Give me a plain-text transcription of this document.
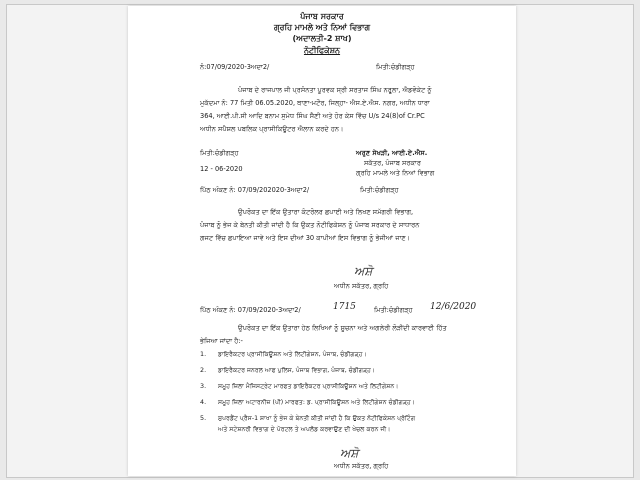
ਪੰਜਾਬ ਸਰਕਾਰ
ਗ੍ਰਹਿ ਮਾਮਲੇ ਅਤੇ ਨਿਆਂ ਵਿਭਾਗ
(ਅਦਾਲਤੀ-2 ਸ਼ਾਖ)
ਨੋਟੀਫਿਕੇਸ਼ਨ
ਨੰ:07/09/2020-3ਅਦਾ2/	ਮਿਤੀ:ਚੰਡੀਗੜ੍ਹ
ਪੰਜਾਬ ਦੇ ਰਾਜਪਾਲ ਜੀ ਪ੍ਰਸੰਨਤਾ ਪੂਰਵਕ ਸ੍ਰੀ ਸਰਤਾਜ ਸਿੰਘ ਨਰੂਲਾ, ਐਡਵੋਕੇਟ ਨੂੰ
ਮੁਕੱਦਮਾ ਨੰ: 77 ਮਿਤੀ 06.05.2020, ਥਾਣਾ-ਮਟੌਰ, ਜਿਲ੍ਹਾ- ਐਸ.ਏ.ਐਸ. ਨਗਰ, ਅਧੀਨ ਧਾਰਾ
364, ਆਈ.ਪੀ.ਸੀ ਆਦਿ ਬਨਾਮ ਸੁਮੇਧ ਸਿੰਘ ਸੈਣੀ ਅਤੇ ਹੋਰ ਕੇਸ ਵਿੱਚ U/s 24(8)of Cr.PC
ਅਧੀਨ ਸਪੈਸ਼ਲ ਪਬਲਿਕ ਪ੍ਰਾਸੀਕਿਊਟਰ ਐਲਾਨ ਕਰਦੇ ਹਨ।
ਮਿਤੀ:ਚੰਡੀਗੜ੍ਹ
12 - 06-2020
ਅਰੁਣ ਸੇਖੜੀ, ਆਈ.ਏ.ਐਸ.
ਸਕੱਤਰ, ਪੰਜਾਬ ਸਰਕਾਰ
ਗ੍ਰਹਿ ਮਾਮਲੇ ਅਤੇ ਨਿਆਂ ਵਿਭਾਗ
ਪਿੱਠ ਅੰਕਣ ਨੰ: 07/09/202020-3ਅਦਾ2/	ਮਿਤੀ:ਚੰਡੀਗੜ੍ਹ
ਉਪਰੋਕਤ ਦਾ ਇੱਕ ਉਤਾਰਾ ਕੰਟਰੋਲਰ ਛਪਾਈ ਅਤੇ ਲਿਖਣ ਸਮੱਗਰੀ ਵਿਭਾਗ,
ਪੰਜਾਬ ਨੂੰ ਭੇਜ ਕੇ ਬੇਨਤੀ ਕੀਤੀ ਜਾਂਦੀ ਹੈ ਕਿ ਉਕਤ ਨੋਟੀਫਿਕੇਸ਼ਨ ਨੂੰ ਪੰਜਾਬ ਸਰਕਾਰ ਦੇ ਸਾਧਾਰਨ
ਗਜਟ ਵਿੱਚ ਛਪਾਇਆ ਜਾਵੇ ਅਤੇ ਇਸ ਦੀਆਂ 30 ਕਾਪੀਆਂ ਇਸ ਵਿਭਾਗ ਨੂੰ ਭੇਜੀਆਂ ਜਾਣ।
ਅਸ਼ੋ
ਅਧੀਨ ਸਕੱਤਰ, ਗ੍ਰਹਿ
ਪਿੱਠ ਅੰਕਣ ਨੰ: 07/09/2020-3ਅਦਾ2/	1715	ਮਿਤੀ:ਚੰਡੀਗੜ੍ਹ 12/6/2020
ਉਪਰੋਕਤ ਦਾ ਇੱਕ ਉਤਾਰਾ ਹੇਠ ਲਿਖਿਆਂ ਨੂੰ ਸੂਚਨਾ ਅਤੇ ਅਗਲੇਰੀ ਲੋੜੀਂਦੀ ਕਾਰਵਾਈ ਹਿੱਤ
ਭੇਜਿਆ ਜਾਂਦਾ ਹੈ:-
1. ਡਾਇਰੈਕਟਰ ਪ੍ਰਾਸੀਕਿਊਸ਼ਨ ਅਤੇ ਲਿਟੀਗੇਸ਼ਨ, ਪੰਜਾਬ, ਚੰਡੀਗੜ੍ਹ।
2. ਡਾਇਰੈਕਟਰ ਜਨਰਲ ਆਫ ਪੁਲਿਸ, ਪੰਜਾਬ ਵਿਭਾਗ, ਪੰਜਾਬ, ਚੰਡੀਗੜ੍ਹ।
3. ਸਮੂਹ ਜ਼ਿਲਾ ਮੈਜਿਸਟ੍ਰੇਟ ਮਾਰਫਤ ਡਾਇਰੈਕਟਰ ਪ੍ਰਾਸੀਕਿਊਸ਼ਨ ਅਤੇ ਲਿਟੀਗੇਸ਼ਨ।
4. ਸਮੂਹ ਜ਼ਿਲਾ ਅਟਾਰਨੀਜ਼ (ਪੀ) ਮਾਰਫਤ: ਡ. ਪ੍ਰਾਸੀਕਿਊਸ਼ਨ ਅਤੇ ਲਿਟੀਗੇਸ਼ਨ ਚੰਡੀਗੜ੍ਹ।
5. ਸੁਪਰਡੈਂਟ ਪ੍ਰੈਸ-1 ਸ਼ਾਖਾ ਨੂੰ ਭੇਜ ਕੇ ਬੇਨਤੀ ਕੀਤੀ ਜਾਂਦੀ ਹੈ ਕਿ ਉਕਤ ਨੋਟੀਫਿਕੇਸ਼ਨ ਪ੍ਰੋਟਿੰਗ
ਅਤੇ ਸਟੇਸ਼ਨਰੀ ਵਿਭਾਗ ਦੇ ਪੋਰਟਲ ਤੇ ਅਪਲੋਡ ਕਰਵਾਉਣ ਦੀ ਖੇਚਲ ਕਰਨ ਜੀ।
ਅਸ਼ੋ
ਅਧੀਨ ਸਕੱਤਰ, ਗ੍ਰਹਿ
